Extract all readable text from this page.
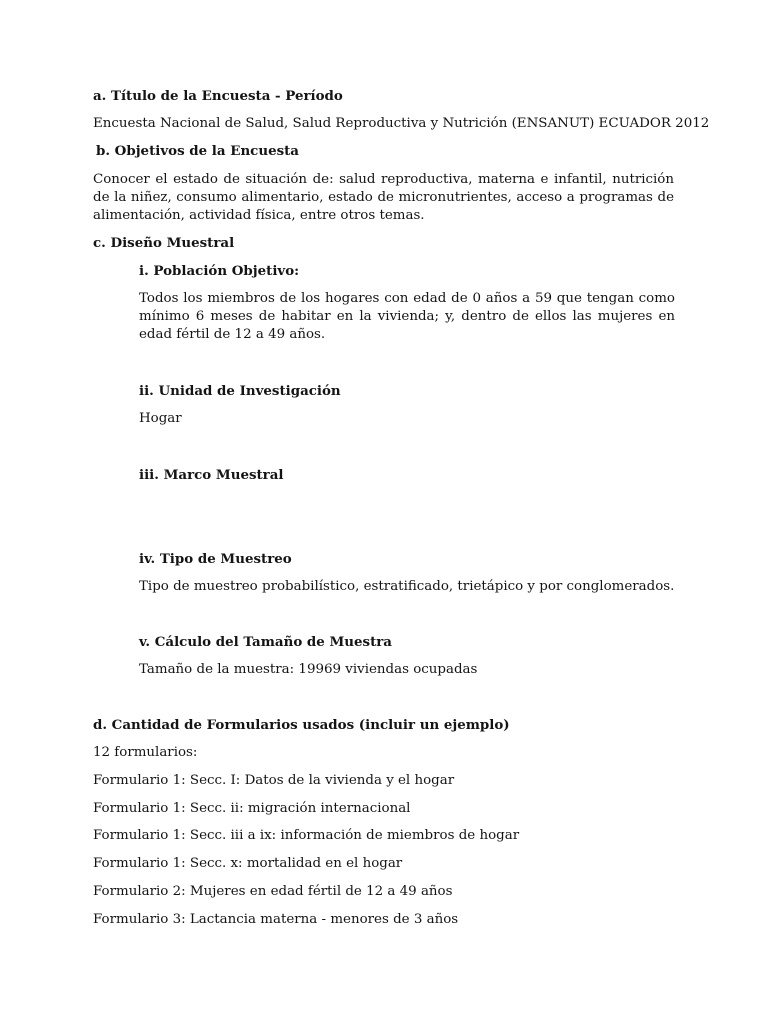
a. Título de la Encuesta - Período

Encuesta Nacional de Salud, Salud Reproductiva y Nutrición (ENSANUT) ECUADOR 2012

b. Objetivos de la Encuesta

Conocer el estado de situación de: salud reproductiva, materna e infantil, nutrición de la niñez, consumo alimentario, estado de micronutrientes, acceso a programas de alimentación, actividad física, entre otros temas.

c. Diseño Muestral

i. Población Objetivo:

Todos los miembros de los hogares con edad de 0 años a 59 que tengan como mínimo 6 meses de habitar en la vivienda; y, dentro de ellos las mujeres en edad fértil de 12 a 49 años.

ii. Unidad de Investigación

Hogar

iii. Marco Muestral

iv. Tipo de Muestreo

Tipo de muestreo probabilístico, estratificado, trietápico y por conglomerados.

v. Cálculo del Tamaño de Muestra

Tamaño de la muestra: 19969 viviendas ocupadas

d. Cantidad de Formularios usados (incluir un ejemplo)

12 formularios:

Formulario 1: Secc. I: Datos de la vivienda y el hogar

Formulario 1: Secc. ii: migración internacional

Formulario 1: Secc. iii a ix: información de miembros de hogar

Formulario 1: Secc. x: mortalidad en el hogar

Formulario 2: Mujeres en edad fértil de 12 a 49 años

Formulario 3: Lactancia materna - menores de 3 años
